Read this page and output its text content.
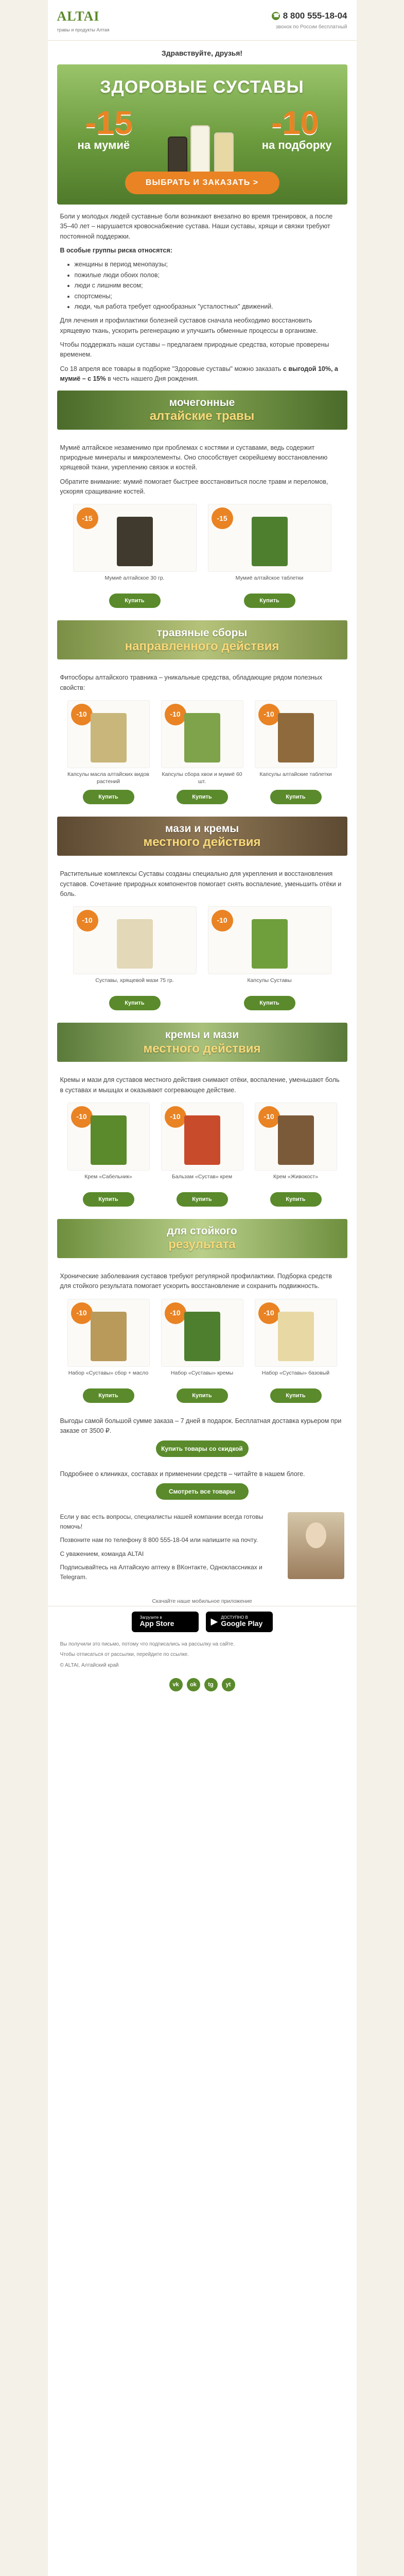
ALTAI
травы и продукты Алтая
☎
8 800 555-18-04
звонок по России бесплатный
Здравствуйте, друзья!
ЗДОРОВЫЕ СУСТАВЫ
-15
на мумиё
-10
на подборку
ВЫБРАТЬ И ЗАКАЗАТЬ >

Боли у молодых людей суставные боли возникают внезапно во время тренировок, а после 35–40 лет – нарушается кровоснабжение сустава. Наши суставы, хрящи и связки требуют постоянной поддержки.

В особые группы риска относятся:

• женщины в период менопаузы;
• пожилые люди обоих полов;
• люди с лишним весом;
• спортсмены;
• люди, чья работа требует однообразных "усталостных" движений.

Для лечения и профилактики болезней суставов сначала необходимо восстановить хрящевую ткань, ускорить регенерацию и улучшить обменные процессы в организме.

Чтобы поддержать наши суставы – предлагаем природные средства, которые проверены временем.

Со 18 апреля все товары в подборке "Здоровые суставы" можно заказать с выгодой 10%, а мумиё – с 15% в честь нашего Дня рождения.

мочегонные
алтайские травы

Мумиё алтайское незаменимо при проблемах с костями и суставами, ведь содержит природные минералы и микроэлементы. Оно способствует скорейшему восстановлению хрящевой ткани, укреплению связок и костей.

Обратите внимание: мумиё помогает быстрее восстановиться после травм и переломов, ускоряя сращивание костей.

-15
Мумиё алтайское 30 гр.
Купить
-15
Мумиё алтайское таблетки
Купить
травяные сборы
направленного действия

Фитосборы алтайского травника – уникальные средства, обладающие рядом полезных свойств:

-10
Капсулы масла алтайских видов растений
Купить
-10
Капсулы сбора хвои и мумиё 60 шт.
Купить
-10
Капсулы алтайские таблетки
Купить
мази и кремы
местного действия

Растительные комплексы Суставы созданы специально для укрепления и восстановления суставов. Сочетание природных компонентов помогает снять воспаление, уменьшить отёки и боль.

-10
Суставы, хрящевой мази 75 гр.
Купить
-10
Капсулы Суставы
Купить
кремы и мази
местного действия

Кремы и мази для суставов местного действия снимают отёки, воспаление, уменьшают боль в суставах и мышцах и оказывают согревающее действие.

-10
Крем «Сабельник»
Купить
-10
Бальзам «Сустав» крем
Купить
-10
Крем «Живокост»
Купить
для стойкого
результата

Хронические заболевания суставов требуют регулярной профилактики. Подборка средств для стойкого результата помогает ускорить восстановление и сохранить подвижность.

-10
Набор «Суставы» сбор + масло
Купить
-10
Набор «Суставы» кремы
Купить
-10
Набор «Суставы» базовый
Купить

Выгоды самой большой сумме заказа – 7 дней в подарок. Бесплатная доставка курьером при заказе от 3500 ₽.

Купить товары со скидкой

Подробнее о клиниках, составах и применении средств – читайте в нашем блоге.

Смотреть все товары

Если у вас есть вопросы, специалисты нашей компании всегда готовы помочь!

Позвоните нам по телефону 8 800 555-18-04 или напишите на почту.

С уважением, команда ALTAI

Подписывайтесь на Алтайскую аптеку в ВКонтакте, Одноклассниках и Telegram.

Скачайте наше мобильное приложение
Загрузите в
App Store	▶ ДОСТУПНО В
Google Play

Вы получили это письмо, потому что подписались на рассылку на сайте.

Чтобы отписаться от рассылки, перейдите по ссылке.

© ALTAI, Алтайский край

vk	ok	tg	yt
